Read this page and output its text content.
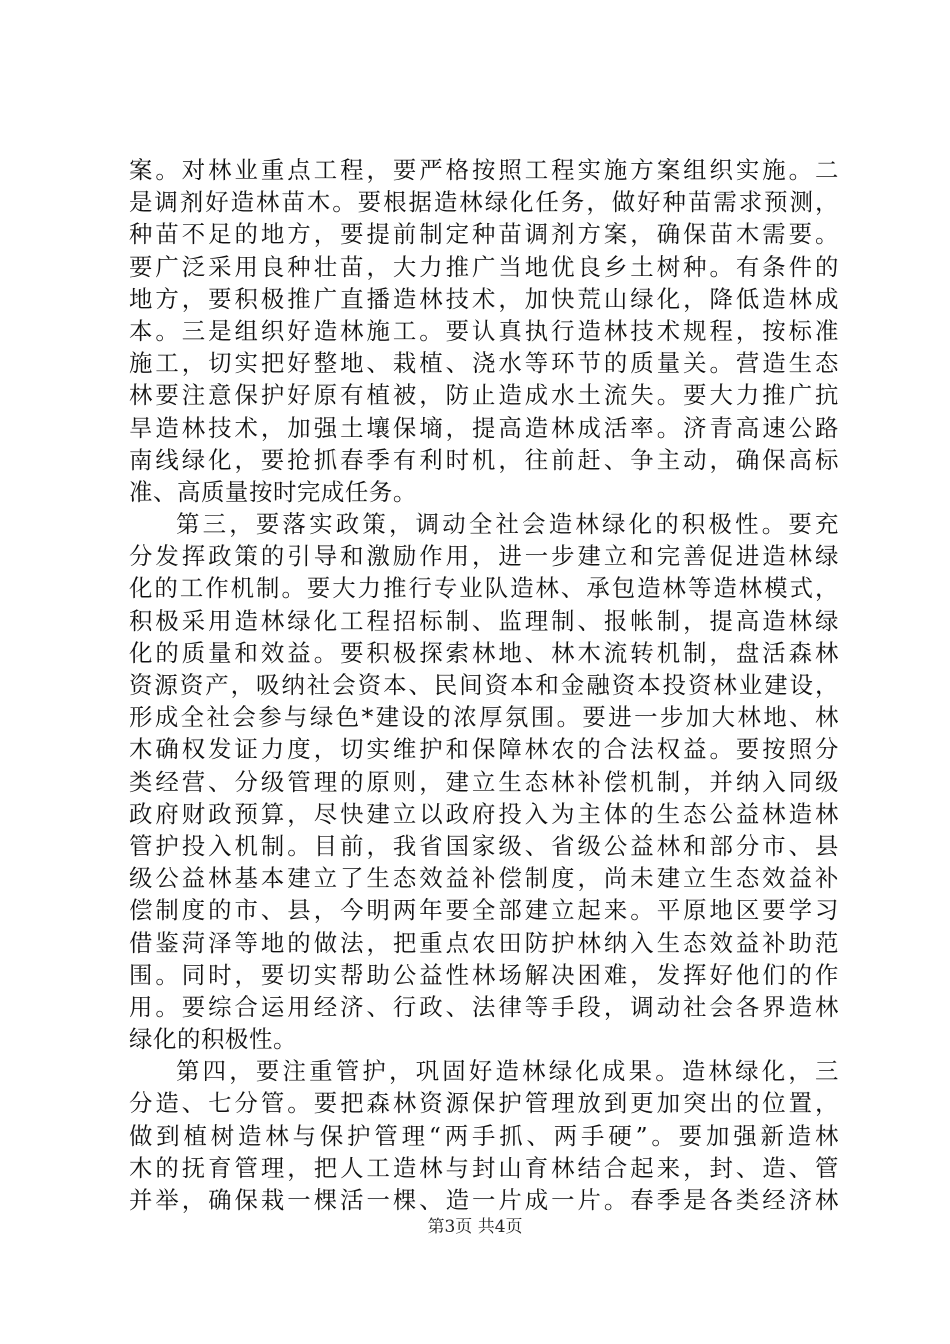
案。对林业重点工程，要严格按照工程实施方案组织实施。二
是调剂好造林苗木。要根据造林绿化任务，做好种苗需求预测，
种苗不足的地方，要提前制定种苗调剂方案，确保苗木需要。
要广泛采用良种壮苗，大力推广当地优良乡土树种。有条件的
地方，要积极推广直播造林技术，加快荒山绿化，降低造林成
本。三是组织好造林施工。要认真执行造林技术规程，按标准
施工，切实把好整地、栽植、浇水等环节的质量关。营造生态
林要注意保护好原有植被，防止造成水土流失。要大力推广抗
旱造林技术，加强土壤保墒，提高造林成活率。济青高速公路
南线绿化，要抢抓春季有利时机，往前赶、争主动，确保高标
准、高质量按时完成任务。
第三，要落实政策，调动全社会造林绿化的积极性。要充
分发挥政策的引导和激励作用，进一步建立和完善促进造林绿
化的工作机制。要大力推行专业队造林、承包造林等造林模式，
积极采用造林绿化工程招标制、监理制、报帐制，提高造林绿
化的质量和效益。要积极探索林地、林木流转机制，盘活森林
资源资产，吸纳社会资本、民间资本和金融资本投资林业建设，
形成全社会参与绿色*建设的浓厚氛围。要进一步加大林地、林
木确权发证力度，切实维护和保障林农的合法权益。要按照分
类经营、分级管理的原则，建立生态林补偿机制，并纳入同级
政府财政预算，尽快建立以政府投入为主体的生态公益林造林
管护投入机制。目前，我省国家级、省级公益林和部分市、县
级公益林基本建立了生态效益补偿制度，尚未建立生态效益补
偿制度的市、县，今明两年要全部建立起来。平原地区要学习
借鉴菏泽等地的做法，把重点农田防护林纳入生态效益补助范
围。同时，要切实帮助公益性林场解决困难，发挥好他们的作
用。要综合运用经济、行政、法律等手段，调动社会各界造林
绿化的积极性。
第四，要注重管护，巩固好造林绿化成果。造林绿化，三
分造、七分管。要把森林资源保护管理放到更加突出的位置，
做到植树造林与保护管理“两手抓、两手硬”。要加强新造林
木的抚育管理，把人工造林与封山育林结合起来，封、造、管
并举，确保栽一棵活一棵、造一片成一片。春季是各类经济林
第3页 共4页
